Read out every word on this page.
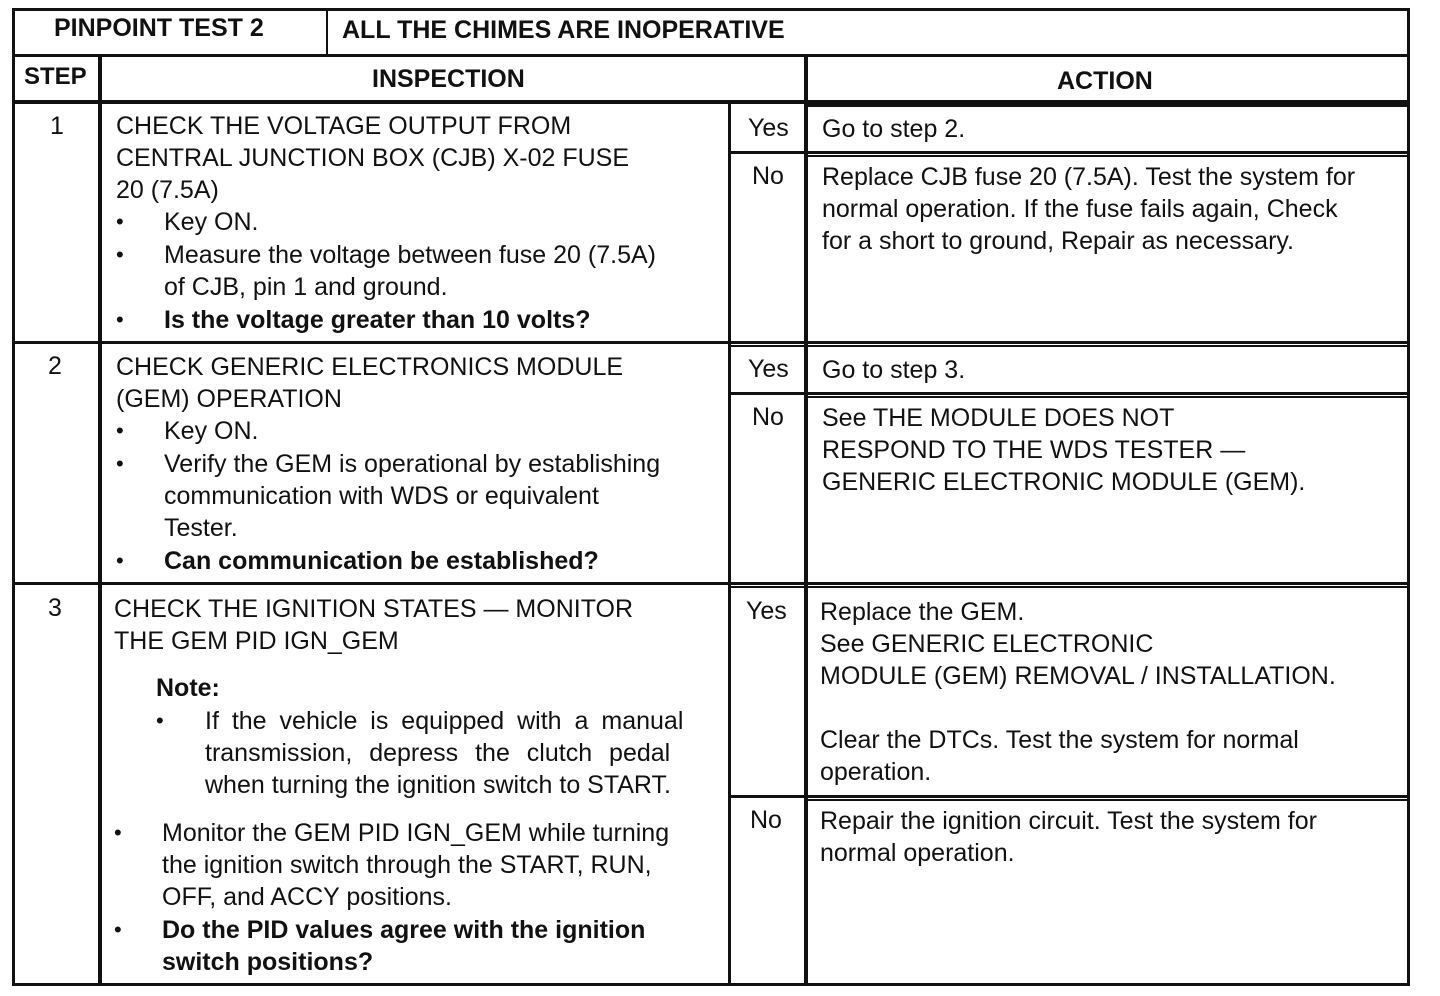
PINPOINT TEST 2	ALL THE CHIMES ARE INOPERATIVE
STEP	INSPECTION	ACTION
1 CHECK THE VOLTAGE OUTPUT FROM
CENTRAL JUNCTION BOX (CJB) X-02 FUSE
20 (7.5A)
• Key ON.
• Measure the voltage between fuse 20 (7.5A)
of CJB, pin 1 and ground.
• Is the voltage greater than 10 volts?
Yes Go to step 2.
No Replace CJB fuse 20 (7.5A). Test the system for
normal operation. If the fuse fails again, Check
for a short to ground, Repair as necessary.
2 CHECK GENERIC ELECTRONICS MODULE
(GEM) OPERATION
• Key ON.
• Verify the GEM is operational by establishing
communication with WDS or equivalent
Tester.
• Can communication be established?
Yes Go to step 3.
No See THE MODULE DOES NOT
RESPOND TO THE WDS TESTER —
GENERIC ELECTRONIC MODULE (GEM).
3 CHECK THE IGNITION STATES — MONITOR
THE GEM PID IGN_GEM
Note:
• If the vehicle is equipped with a manual
transmission, depress the clutch pedal
when turning the ignition switch to START.
• Monitor the GEM PID IGN_GEM while turning
the ignition switch through the START, RUN,
OFF, and ACCY positions.
• Do the PID values agree with the ignition
switch positions?
Yes Replace the GEM.
See GENERIC ELECTRONIC
MODULE (GEM) REMOVAL / INSTALLATION.
Clear the DTCs. Test the system for normal
operation.
No Repair the ignition circuit. Test the system for
normal operation.
